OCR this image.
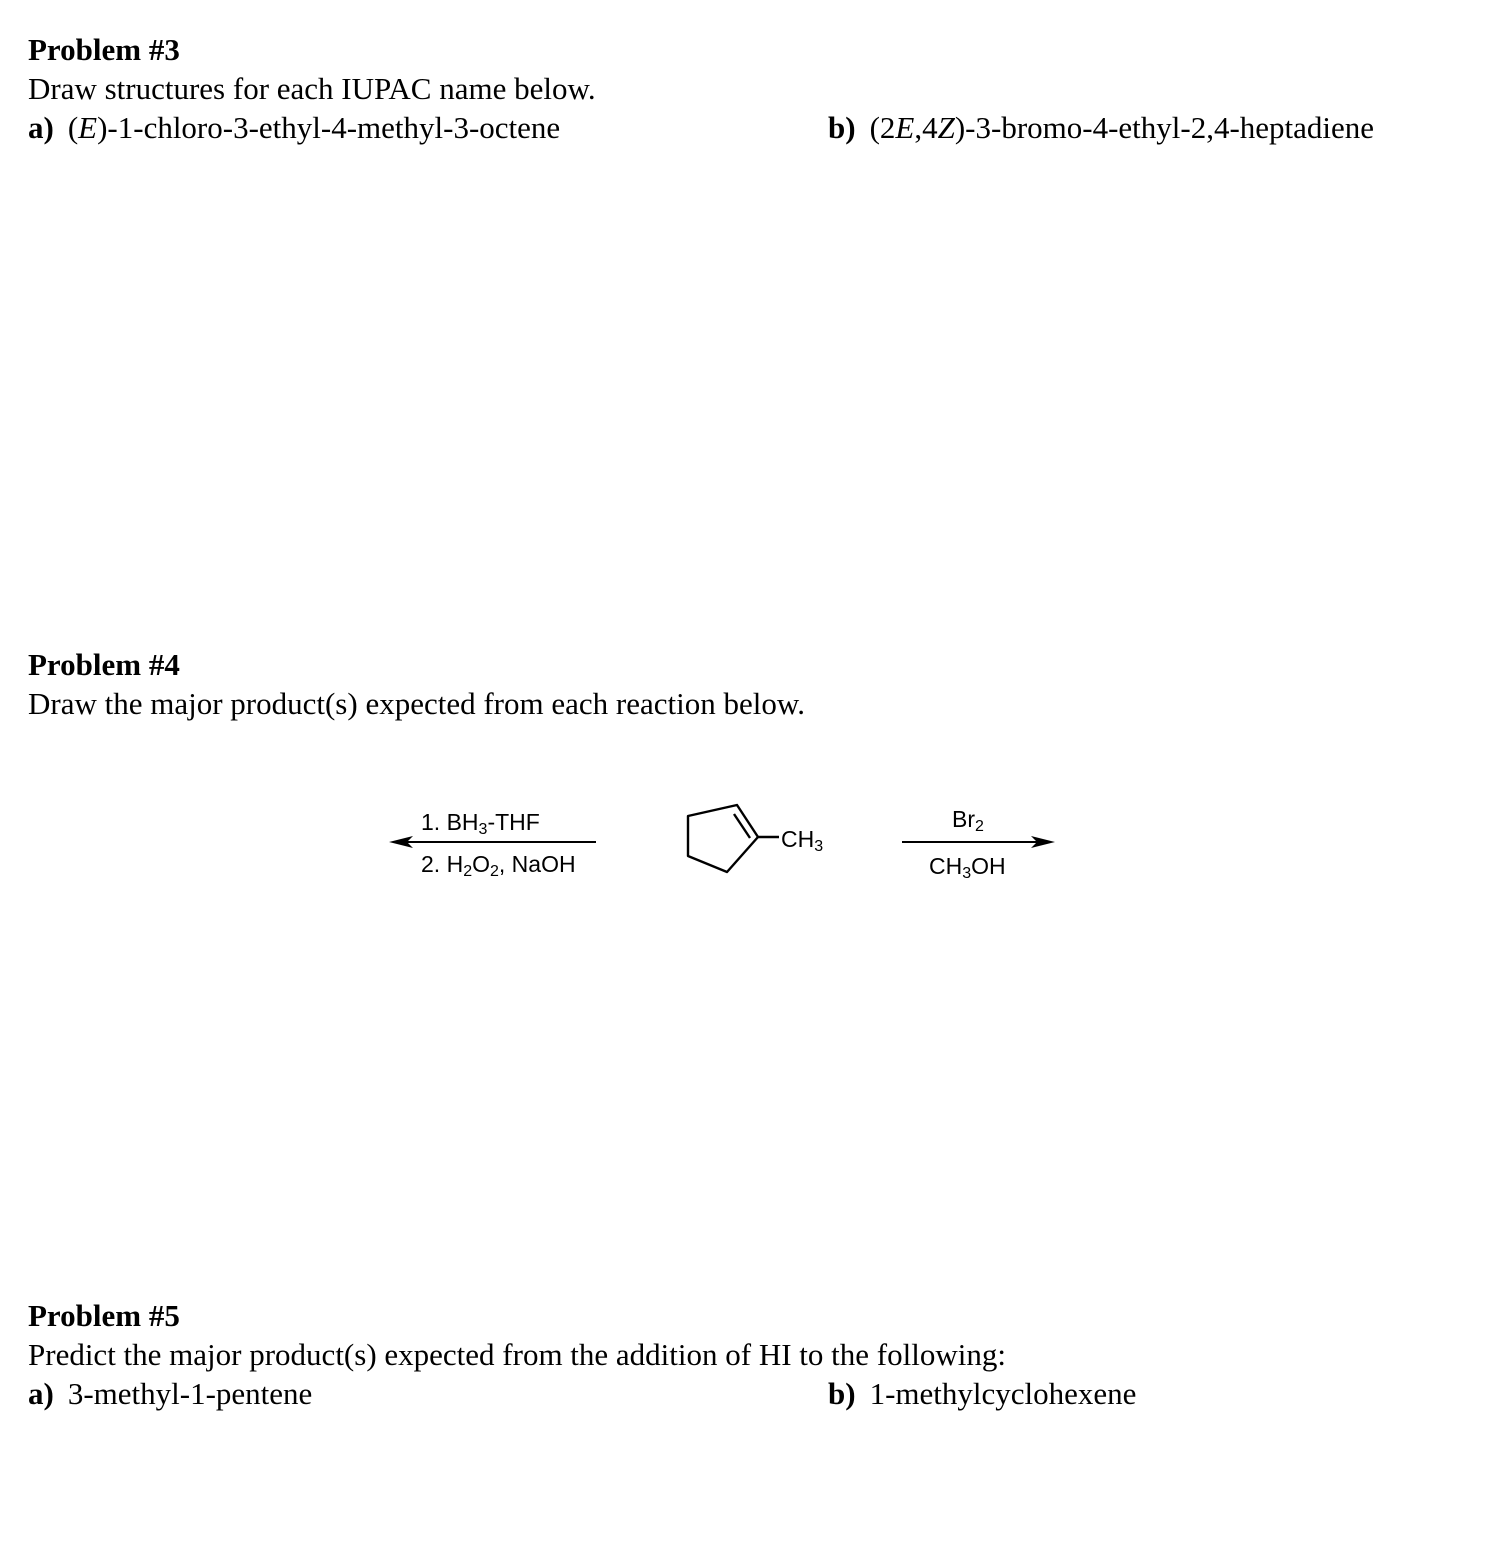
Problem #3
Draw structures for each IUPAC name below.
a) (E)-1-chloro-3-ethyl-4-methyl-3-octene	b) (2E,4Z)-3-bromo-4-ethyl-2,4-heptadiene
Problem #4
Draw the major product(s) expected from each reaction below.
1. $BH_3$-THF
2. $H_2O_2$, NaOH
$CH_3$
$Br_2$
$CH_3OH$
Problem #5
Predict the major product(s) expected from the addition of HI to the following:
a) 3-methyl-1-pentene	b) 1-methylcyclohexene
